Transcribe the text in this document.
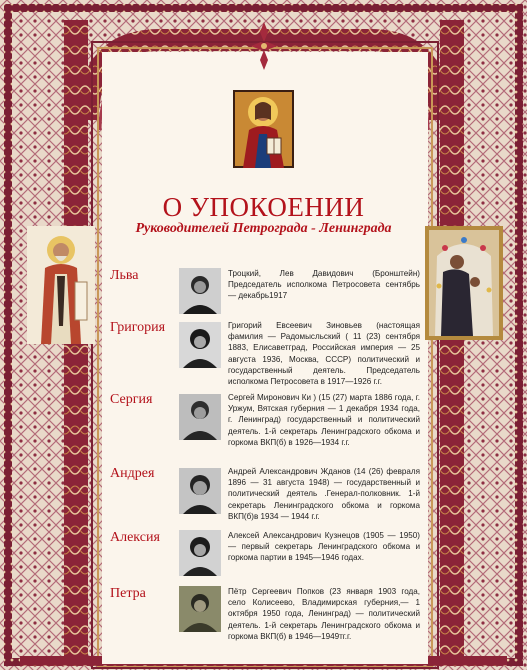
О УПОКОЕНИИ
Руководителей Петрограда - Ленинграда
Льва	Троцкий, Лев Давидович (Бронштейн) Председатель исполкома Петросовета сентябрь — декабрь1917
Григория	Григорий Евсеевич Зиновьев (настоящая фамилия — Радомысльский ( 11 (23) сентября 1883, Елисаветград, Российская империя — 25 августа 1936, Москва, СССР) политический и государственный деятель. Председатель исполкома Петросовета в 1917—1926 г.г.
Сергия	Сергей Миронович Ки ) (15 (27) марта 1886 года, г. Уржум, Вятская губерния — 1 декабря 1934 года, г. Ленинград) государственный и политический деятель. 1-й секретарь Ленинградского обкома и горкома ВКП(б) в 1926—1934 г.г.
Андрея	Андрей Александрович Жданов (14 (26) февраля 1896 — 31 августа 1948) — государственный и политический деятель .Генерал-полковник. 1-й секретарь Ленинградского обкома и горкома ВКП(б)в 1934 — 1944 г.г.
Алексия	Алексей Александрович Кузнецов (1905 — 1950) — первый секретарь Ленинградского обкома и горкома партии в 1945—1946 годах.
Петра	Пётр Сергеевич Попков (23 января 1903 года, село Колисеево, Владимирская губерния,— 1 октября 1950 года, Ленинград) — политический деятель. 1-й секретарь Ленинградского обкома и горкома ВКП(б) в 1946—1949тг.г.
